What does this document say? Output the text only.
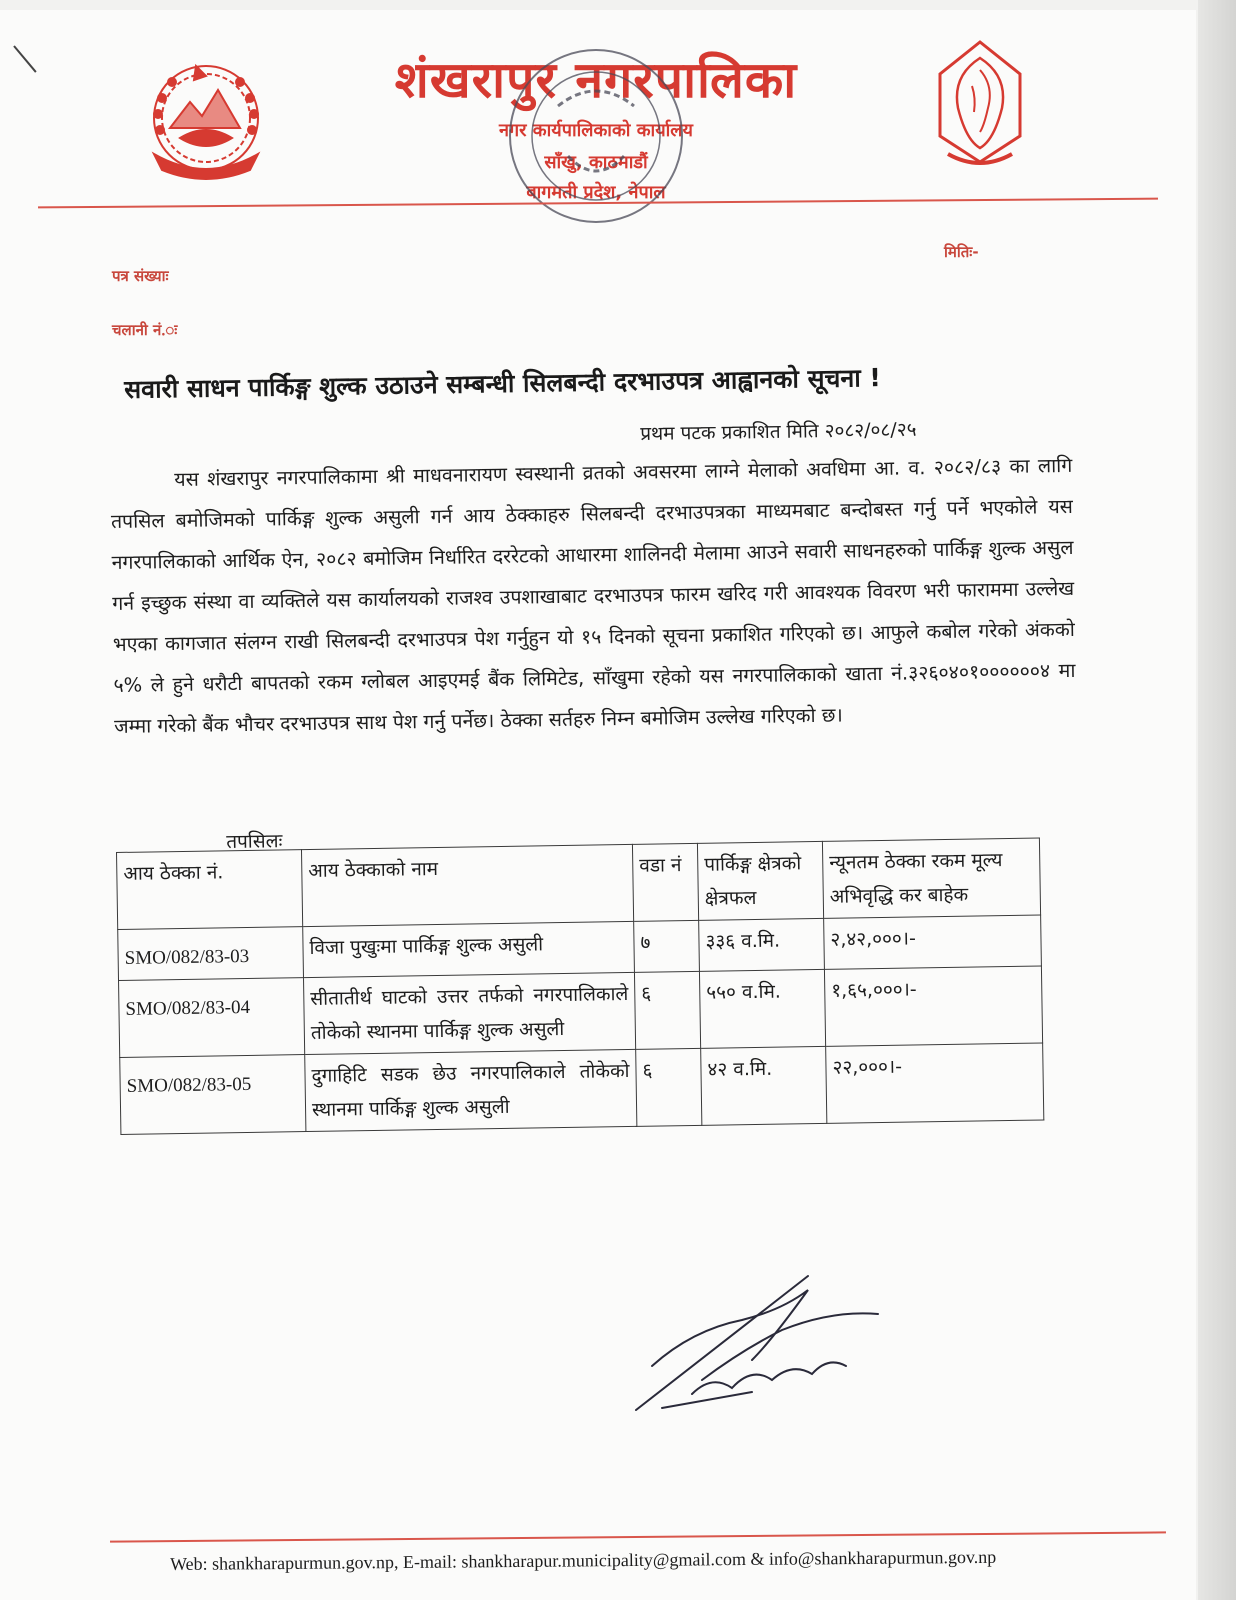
शंखरापुर नगरपालिका
नगर कार्यपालिकाको कार्यालय
साँखु, काठमाडौं
बागमती प्रदेश, नेपाल
मितिः-
पत्र संख्याः
चलानी नं.ः
सवारी साधन पार्किङ्ग शुल्क उठाउने सम्बन्धी सिलबन्दी दरभाउपत्र आह्वानको सूचना !
प्रथम पटक प्रकाशित मिति २०८२/०८/२५

यस शंखरापुर नगरपालिकामा श्री माधवनारायण स्वस्थानी व्रतको अवसरमा लाग्ने मेलाको अवधिमा आ. व. २०८२/८३ का लागि तपसिल बमोजिमको पार्किङ्ग शुल्क असुली गर्न आय ठेक्काहरु सिलबन्दी दरभाउपत्रका माध्यमबाट बन्दोबस्त गर्नु पर्ने भएकोले यस नगरपालिकाको आर्थिक ऐन, २०८२ बमोजिम निर्धारित दररेटको आधारमा शालिनदी मेलामा आउने सवारी साधनहरुको पार्किङ्ग शुल्क असुल गर्न इच्छुक संस्था वा व्यक्तिले यस कार्यालयको राजश्व उपशाखाबाट दरभाउपत्र फारम खरिद गरी आवश्यक विवरण भरी फाराममा उल्लेख भएका कागजात संलग्न राखी सिलबन्दी दरभाउपत्र पेश गर्नुहुन यो १५ दिनको सूचना प्रकाशित गरिएको छ। आफुले कबोल गरेको अंकको ५% ले हुने धरौटी बापतको रकम ग्लोबल आइएमई बैंक लिमिटेड, साँखुमा रहेको यस नगरपालिकाको खाता नं.३२६०४०१००००००४ मा जम्मा गरेको बैंक भौचर दरभाउपत्र साथ पेश गर्नु पर्नेछ। ठेक्का सर्तहरु निम्न बमोजिम उल्लेख गरिएको छ।

तपसिलः
आय ठेक्का नं.	आय ठेक्काको नाम	वडा नं	पार्किङ्ग क्षेत्रको क्षेत्रफल	न्यूनतम ठेक्का रकम मूल्य अभिवृद्धि कर बाहेक
SMO/082/83-03	विजा पुखुःमा पार्किङ्ग शुल्क असुली	७	३३६ व.मि.	२,४२,०००।-
SMO/082/83-04	सीतातीर्थ घाटको उत्तर तर्फको नगरपालिकाले तोकेको स्थानमा पार्किङ्ग शुल्क असुली	६	५५० व.मि.	१,६५,०००।-
SMO/082/83-05	दुगाहिटि सडक छेउ नगरपालिकाले तोकेको स्थानमा पार्किङ्ग शुल्क असुली	६	४२ व.मि.	२२,०००।-
Web: shankharapurmun.gov.np, E-mail: shankharapur.municipality@gmail.com & info@shankharapurmun.gov.np
